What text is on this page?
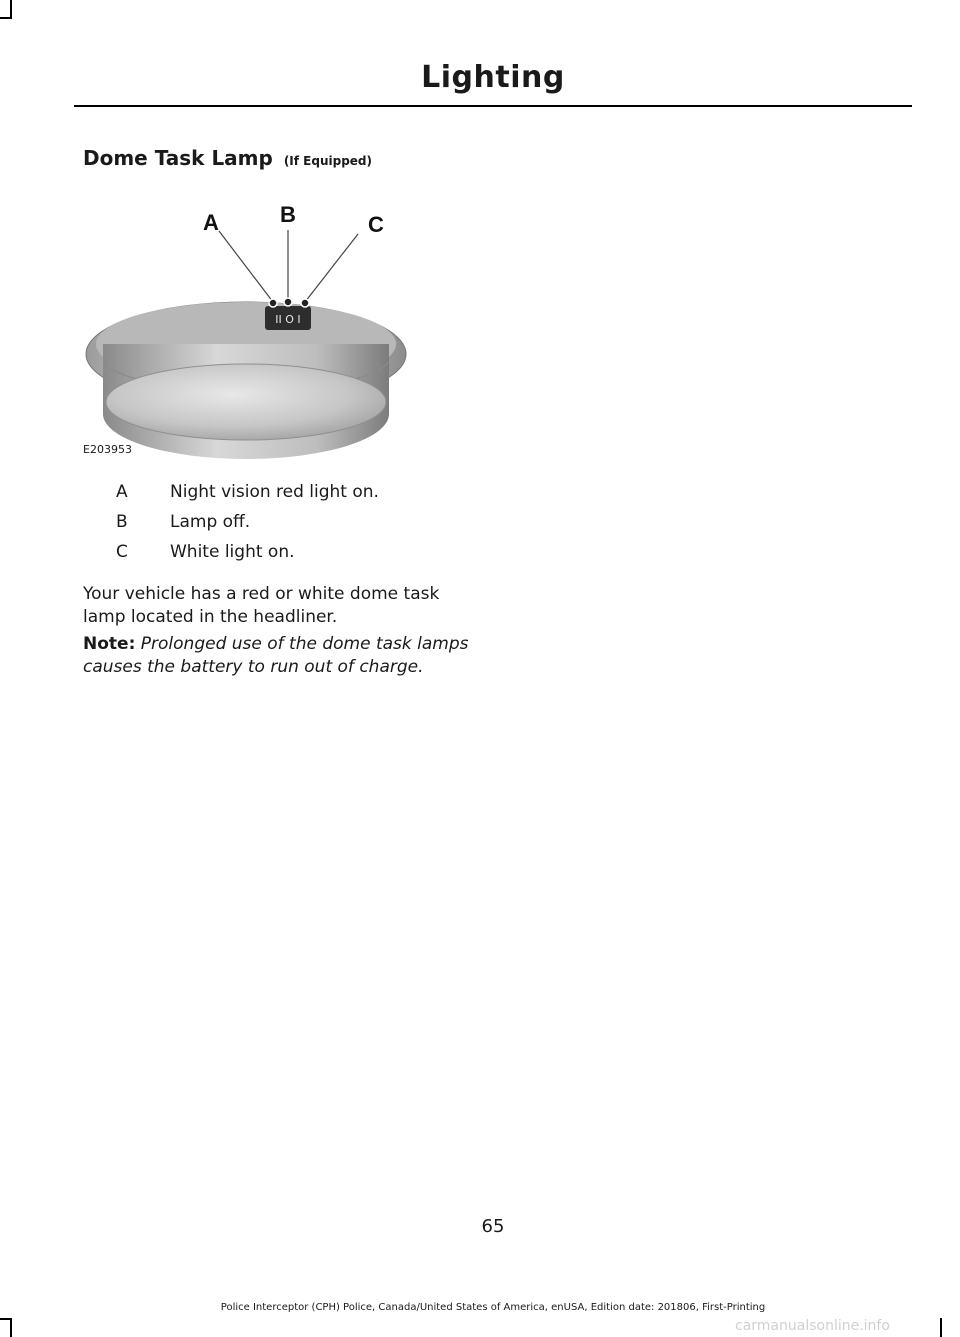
Lighting
Dome Task Lamp (If Equipped)
II O I
A	B	C
E203953
A	Night vision red light on.
B	Lamp off.
C	White light on.
Your vehicle has a red or white dome task lamp located in the headliner.
Note: Prolonged use of the dome task lamps causes the battery to run out of charge.
65
Police Interceptor (CPH) Police, Canada/United States of America, enUSA, Edition date: 201806, First-Printing
carmanualsonline.info
